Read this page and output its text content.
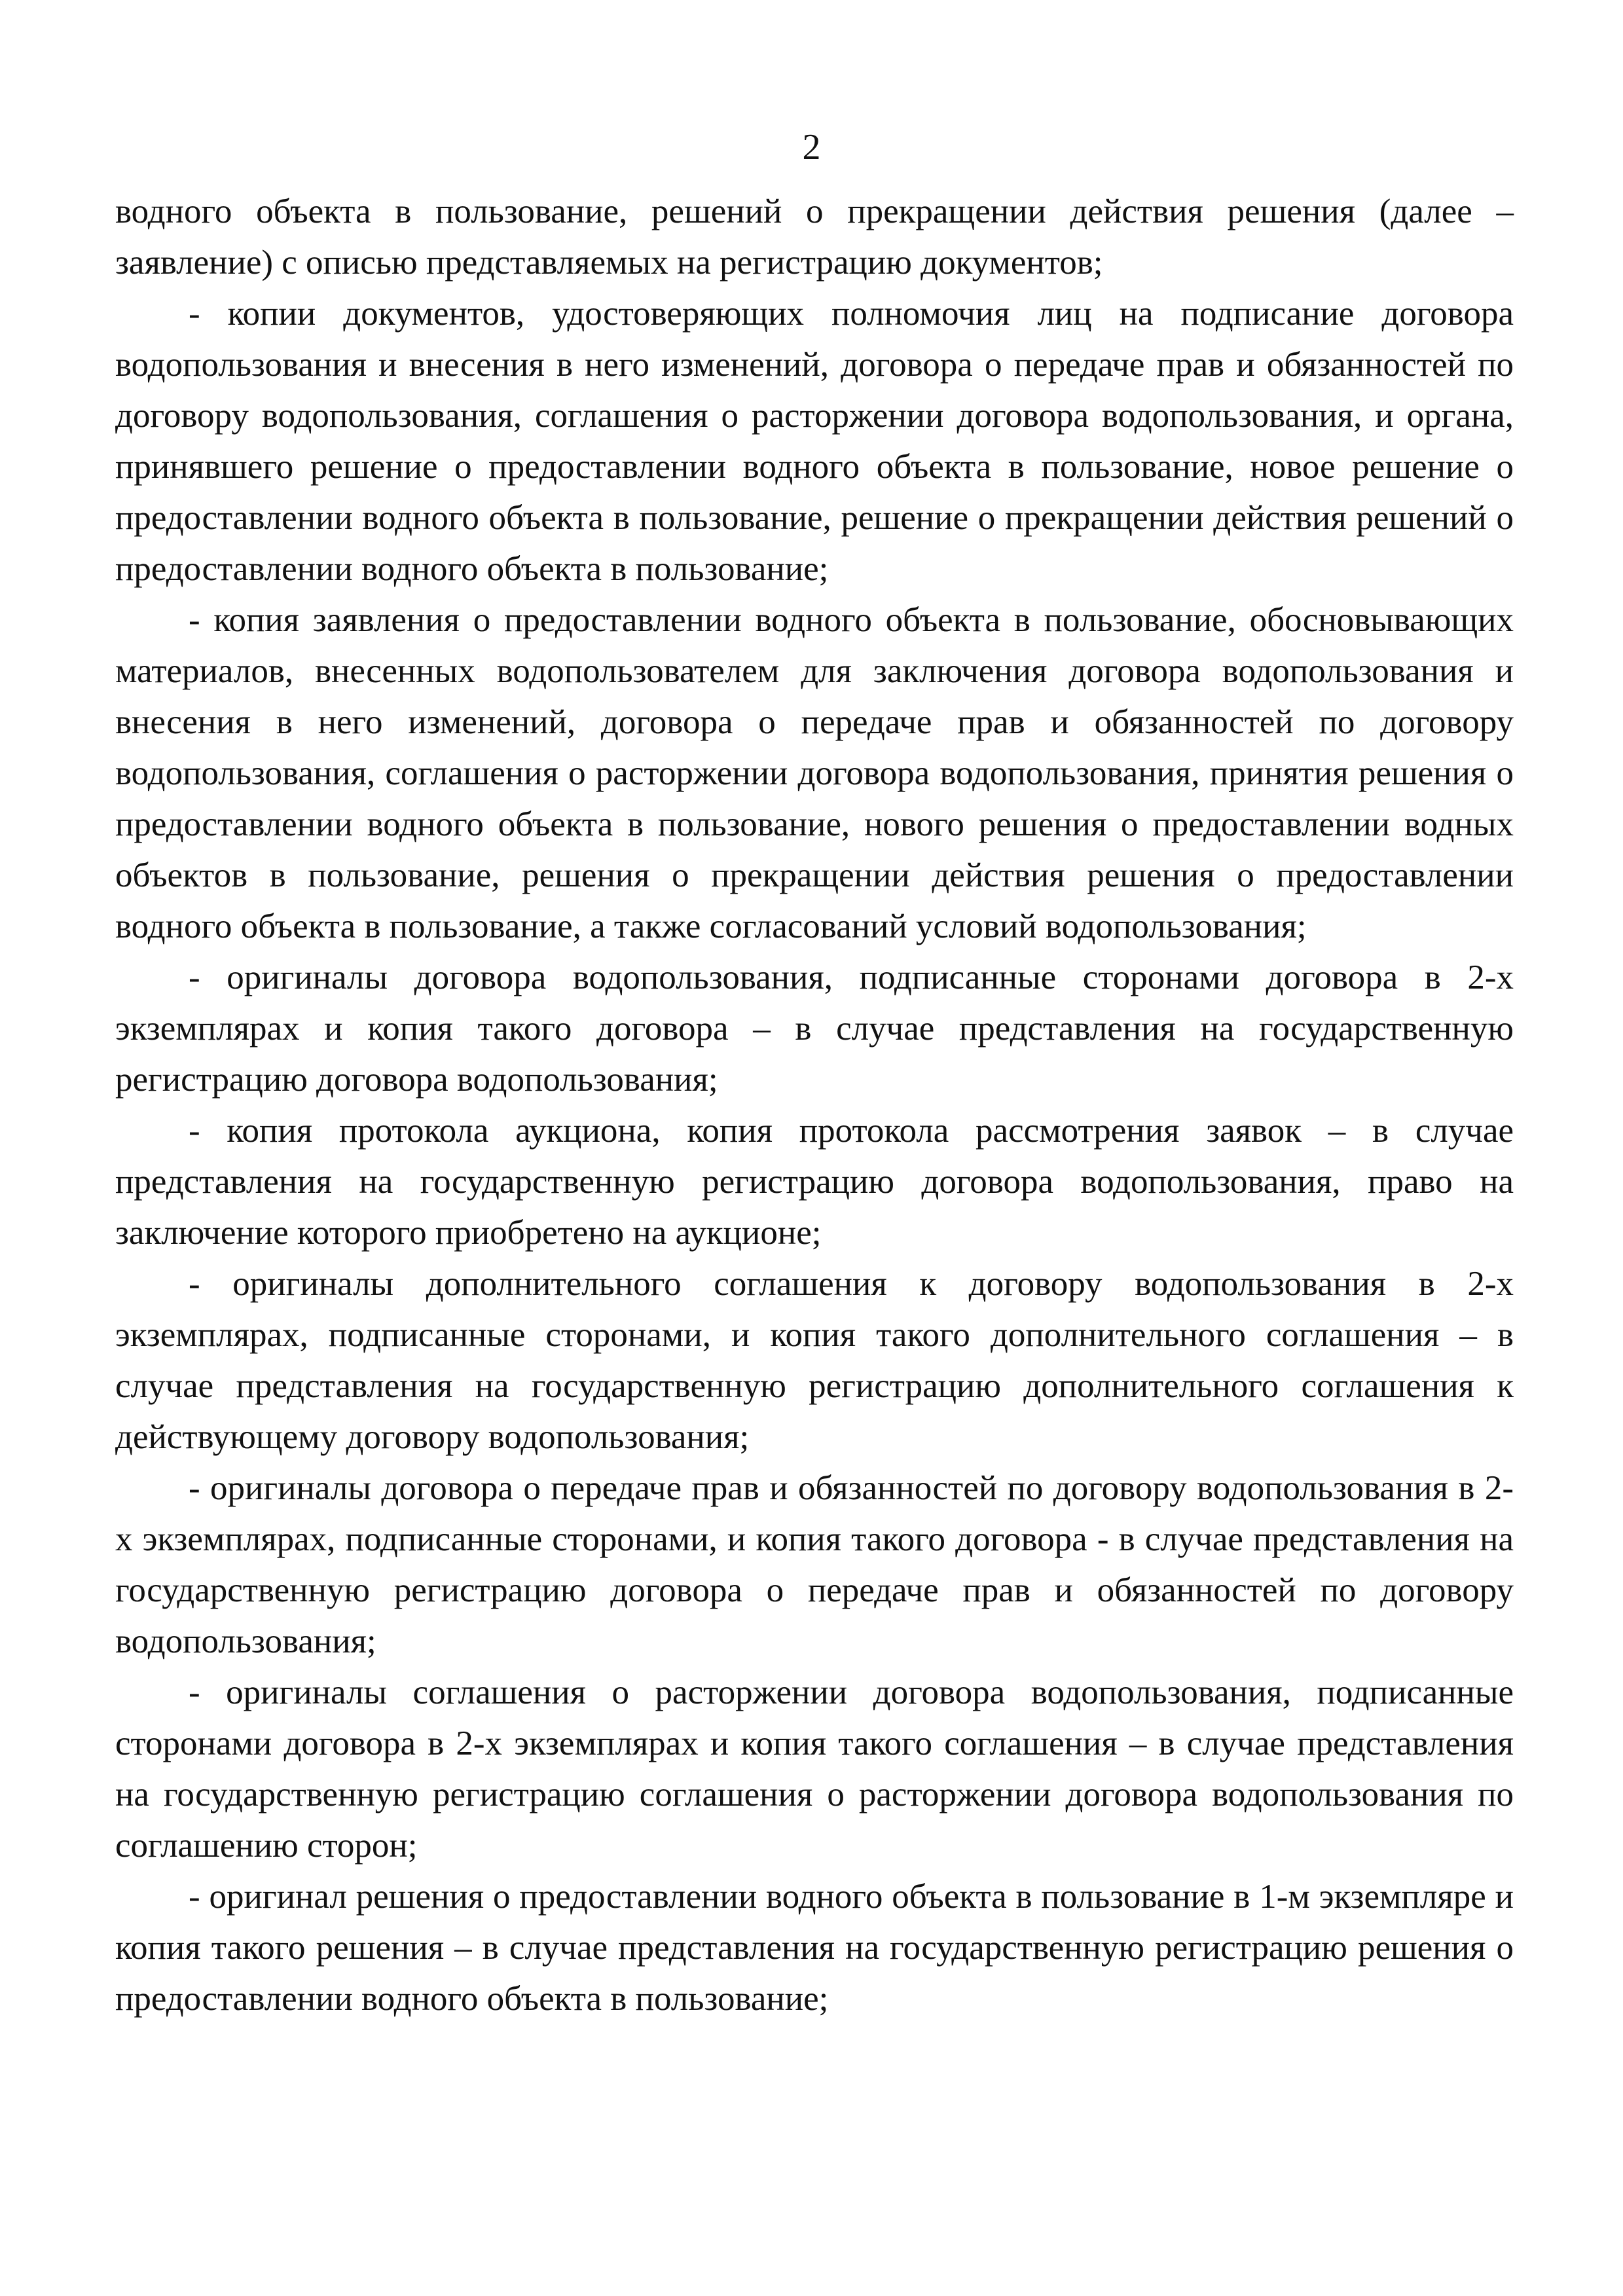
2

водного объекта в пользование, решений о прекращении действия решения (далее – заявление) с описью представляемых на регистрацию документов;

- копии документов, удостоверяющих полномочия лиц на подписание договора водопользования и внесения в него изменений, договора о передаче прав и обязанностей по договору водопользования, соглашения о расторжении договора водопользования, и органа, принявшего решение о предоставлении водного объекта в пользование, новое решение о предоставлении водного объекта в пользование, решение о прекращении действия решений о предоставлении водного объекта в пользование;

- копия заявления о предоставлении водного объекта в пользование, обосновывающих материалов, внесенных водопользователем для заключения договора водопользования и внесения в него изменений, договора о передаче прав и обязанностей по договору водопользования, соглашения о расторжении договора водопользования, принятия решения о предоставлении водного объекта в пользование, нового решения о предоставлении водных объектов в пользование, решения о прекращении действия решения о предоставлении водного объекта в пользование, а также согласований условий водопользования;

- оригиналы договора водопользования, подписанные сторонами договора в 2-х экземплярах и копия такого договора – в случае представления на государственную регистрацию договора водопользования;

- копия протокола аукциона, копия протокола рассмотрения заявок – в случае представления на государственную регистрацию договора водопользования, право на заключение которого приобретено на аукционе;

- оригиналы дополнительного соглашения к договору водопользования в 2-х экземплярах, подписанные сторонами, и копия такого дополнительного соглашения – в случае представления на государственную регистрацию дополнительного соглашения к действующему договору водопользования;

- оригиналы договора о передаче прав и обязанностей по договору водопользования в 2-х экземплярах, подписанные сторонами, и копия такого договора - в случае представления на государственную регистрацию договора о передаче прав и обязанностей по договору водопользования;

- оригиналы соглашения о расторжении договора водопользования, подписанные сторонами договора в 2-х экземплярах и копия такого соглашения – в случае представления на государственную регистрацию соглашения о расторжении договора водопользования по соглашению сторон;

- оригинал решения о предоставлении водного объекта в пользование в 1-м экземпляре и копия такого решения – в случае представления на государственную регистрацию решения о предоставлении водного объекта в пользование;
